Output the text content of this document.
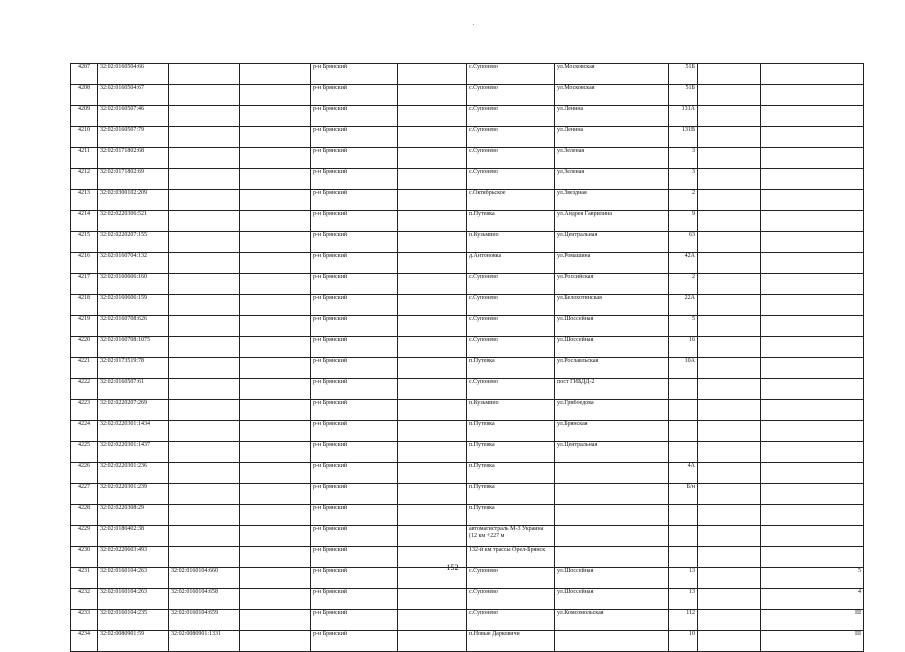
4207	32:02:0160504:66			р-н Брянский		с.Супонево	ул.Московская	51Б		
4208	32:02:0160504:67			р-н Брянский		с.Супонево	ул.Московская	51Б		
4209	32:02:0160507:46			р-н Брянский		с.Супонево	ул.Ленина	131А		
4210	32:02:0160507:79			р-н Брянский		с.Супонево	ул.Ленина	131В		
4211	32:02:0171802:68			р-н Брянский		с.Супонево	ул.Зеленая	3		
4212	32:02:0171802:69			р-н Брянский		с.Супонево	ул.Зеленая	3		
4213	32:02:0300102:209			р-н Брянский		с.Октябрьское	ул.Звездная	2		
4214	32:02:0220306:521			р-н Брянский		п.Путевка	ул.Андрея Гаврилина	9		
4215	32:02:0220207:155			р-н Брянский		п.Кузьмино	ул.Центральная	63		
4216	32:02:0160704:132			р-н Брянский		д.Антоновка	ул.Ромашина	42А		
4217	32:02:0160606:160			р-н Брянский		с.Супонево	ул.Российская	2		
4218	32:02:0160606:159			р-н Брянский		с.Супонево	ул.Белохотинская	22А		
4219	32:02:0160708:626			р-н Брянский		с.Супонево	ул.Шоссейная	5		
4220	32:02:0160708:1075			р-н Брянский		с.Супонево	ул.Шоссейная	16		
4221	32:02:0173519:78			р-н Брянский		п.Путевка	ул.Рославльская	10А		
4222	32:02:0160507:61			р-н Брянский		с.Супонево	пост ГИБДД-2			
4223	32:02:0220207:269			р-н Брянский		п.Кузьмино	ул.Грибоедова			
4224	32:02:0220301:1434			р-н Брянский		п.Путевка	ул.Брянская			
4225	32:02:0220301:1437			р-н Брянский		п.Путевка	ул.Центральная			
4226	32:02:0220301:236			р-н Брянский		п.Путевка		4А		
4227	32:02:0220301:239			р-н Брянский		п.Путевка		Б/н		
4228	32:02:0220308:29			р-н Брянский		п.Путевка				
4229	32:02:0180402:38			р-н Брянский		автомагистраль М-3 Украина (12 км +227 м				
4230	32:02:0220603:493			р-н Брянский		132-й км трассы Орел-Брянск				
4231	32:02:0160104:263	32:02:0160104:660		р-н Брянский		с.Супонево	ул.Шоссейная	13		5
4232	32:02:0160104:263	32:02:0160104:658		р-н Брянский		с.Супонево	ул.Шоссейная	13		4
4233	32:02:0160104:235	32:02:0160104:659		р-н Брянский		с.Супонево	ул.Комсомольская	112		III
4234	32:02:0080901:59	32:02:0080901:1331		р-н Брянский		п.Новые Дарковичи		10		III
152
